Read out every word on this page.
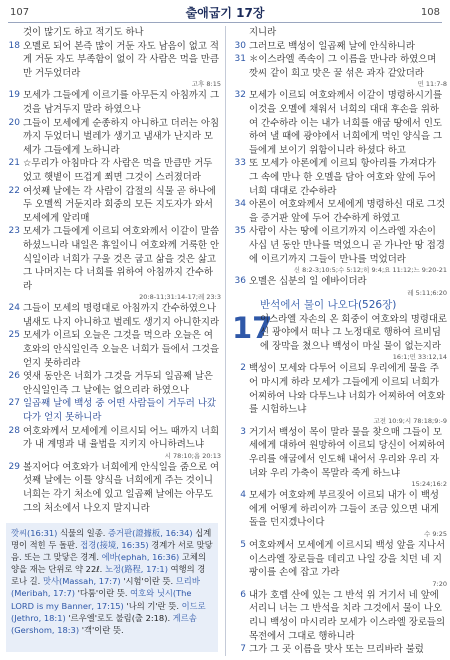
107	출애굽기 17장	108
것이 많기도 하고 적기도 하나
18 오멜로 되어 본즉 많이 거둔 자도 남음이 없고 적게 거둔 자도 부족함이 없이 각 사람은 먹을 만큼만 거두었더라
고후 8:15
19 모세가 그들에게 이르기를 아무든지 아침까지 그것을 남겨두지 말라 하였으나
20 그들이 모세에게 순종하지 아니하고 더러는 아침까지 두었더니 벌레가 생기고 냄새가 난지라 모세가 그들에게 노하니라
21 ☆무리가 아침마다 각 사람은 먹을 만큼만 거두었고 햇볕이 뜨겁게 쬐면 그것이 스러졌더라
22 여섯째 날에는 각 사람이 갑절의 식물 곧 하나에 두 오멜씩 거둔지라 회중의 모든 지도자가 와서 모세에게 알리매
23 모세가 그들에게 이르되 여호와께서 이같이 말씀하셨느니라 내일은 휴일이니 여호와께 거룩한 안식일이라 너희가 구울 것은 굽고 삶을 것은 삶고 그 나머지는 다 너희를 위하여 아침까지 간수하라
20:8-11;31:14-17;레 23:3
24 그들이 모세의 명령대로 아침까지 간수하였으나 냄새도 나지 아니하고 벌레도 생기지 아니한지라
25 모세가 이르되 오늘은 그것을 먹으라 오늘은 여호와의 안식일인즉 오늘은 너희가 들에서 그것을 얻지 못하리라
26 엿새 동안은 너희가 그것을 거두되 일곱째 날은 안식일인즉 그 날에는 없으리라 하였으나
27 일곱째 날에 백성 중 어떤 사람들이 거두러 나갔다가 얻지 못하니라
28 여호와께서 모세에게 이르시되 어느 때까지 너희가 내 계명과 내 율법을 지키지 아니하려느냐
시 78:10;욥 20:13
29 볼지어다 여호와가 너희에게 안식일을 줌으로 여섯째 날에는 이틀 양식을 너희에게 주는 것이니 너희는 각기 처소에 있고 일곱째 날에는 아무도 그의 처소에서 나오지 말지니라
지니라
30 그러므로 백성이 일곱째 날에 안식하니라
31 ＊이스라엘 족속이 그 이름을 만나라 하였으며 깟씨 같이 희고 맛은 꿀 섞은 과자 같았더라
민 11:7-8
32 모세가 이르되 여호와께서 이같이 명령하시기를 이것을 오멜에 채워서 너희의 대대 후손을 위하여 간수하라 이는 내가 너희를 애굽 땅에서 인도하여 낼 때에 광야에서 너희에게 먹인 양식을 그들에게 보이기 위함이니라 하셨다 하고
33 또 모세가 아론에게 이르되 항아리를 가져다가 그 속에 만나 한 오멜을 담아 여호와 앞에 두어 너희 대대로 간수하라
34 아론이 여호와께서 모세에게 명령하신 대로 그것을 증거판 앞에 두어 간수하게 하였고
35 사람이 사는 땅에 이르기까지 이스라엘 자손이 사십 년 동안 만나를 먹었으니 곧 가나안 땅 접경에 이르기까지 그들이 만나를 먹었더라
신 8:2-3;10:5;수 5:12;히 9:4;요 11:12;느 9:20-21
36 오멜은 십분의 일 에바이더라
레 5:11;6:20
반석에서 물이 나오다(526장)
17
이스라엘 자손의 온 회중이 여호와의 명령대로 신 광야에서 떠나 그 노정대로 행하여 르비딤에 장막을 쳤으나 백성이 마실 물이 없는지라
16:1;민 33:12,14
2 백성이 모세와 다투어 이르되 우리에게 물을 주어 마시게 하라 모세가 그들에게 이르되 너희가 어찌하여 나와 다투느냐 너희가 어찌하여 여호와를 시험하느냐
고전 10:9;시 78:18;9:-9
3 거기서 백성이 목이 말라 물을 찾으매 그들이 모세에게 대하여 원망하여 이르되 당신이 어찌하여 우리를 애굽에서 인도해 내어서 우리와 우리 자녀와 우리 가축이 목말라 죽게 하느냐
15:24;16:2
4 모세가 여호와께 부르짖어 이르되 내가 이 백성에게 어떻게 하리이까 그들이 조금 있으면 내게 돌을 던지겠나이다
수 9:25
5 여호와께서 모세에게 이르시되 백성 앞을 지나서 이스라엘 장로들을 데리고 나일 강을 치던 네 지팡이를 손에 잡고 가라
7:20
6 내가 호렙 산에 있는 그 반석 위 거기서 네 앞에 서리니 너는 그 반석을 치라 그것에서 물이 나오리니 백성이 마시리라 모세가 이스라엘 장로들의 목전에서 그대로 행하니라
7 그가 그 곳 이름을 맛사 또는 므리바라 불렀
깟씨(16:31) 식물의 일종. 증거판(證據板, 16:34) 십계명이 적힌 두 돌판. 접경(接境, 16:35) 경계가 서로 맞닿음. 또는 그 맞닿은 경계. 에바(ephah, 16:36) 고체의 양을 재는 단위로 약 22ℓ. 노정(路程, 17:1) 여행의 경로나 길. 맛사(Massah, 17:7) '시험'이란 뜻. 므리바(Meribah, 17:7) '다툼'이란 뜻. 여호와 닛시(The LORD is my Banner, 17:15) '나의 기'란 뜻. 이드로(Jethro, 18:1) '르우엘'로도 불림(출 2:18). 게르솜(Gershom, 18:3) '객'이란 뜻.
